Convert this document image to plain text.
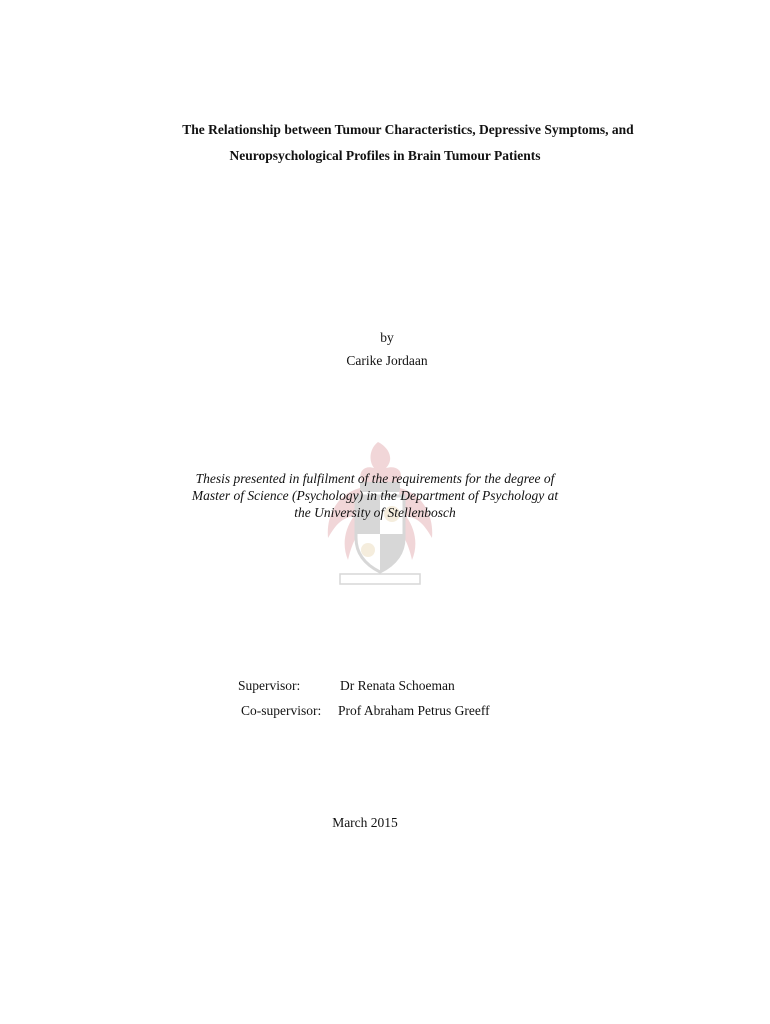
The Relationship between Tumour Characteristics, Depressive Symptoms, and
Neuropsychological Profiles in Brain Tumour Patients
by
Carike Jordaan
Thesis presented in fulfilment of the requirements for the degree of
Master of Science (Psychology) in the Department of Psychology at
the University of Stellenbosch
Supervisor:	Dr Renata Schoeman
Co-supervisor: Prof Abraham Petrus Greeff
March 2015
